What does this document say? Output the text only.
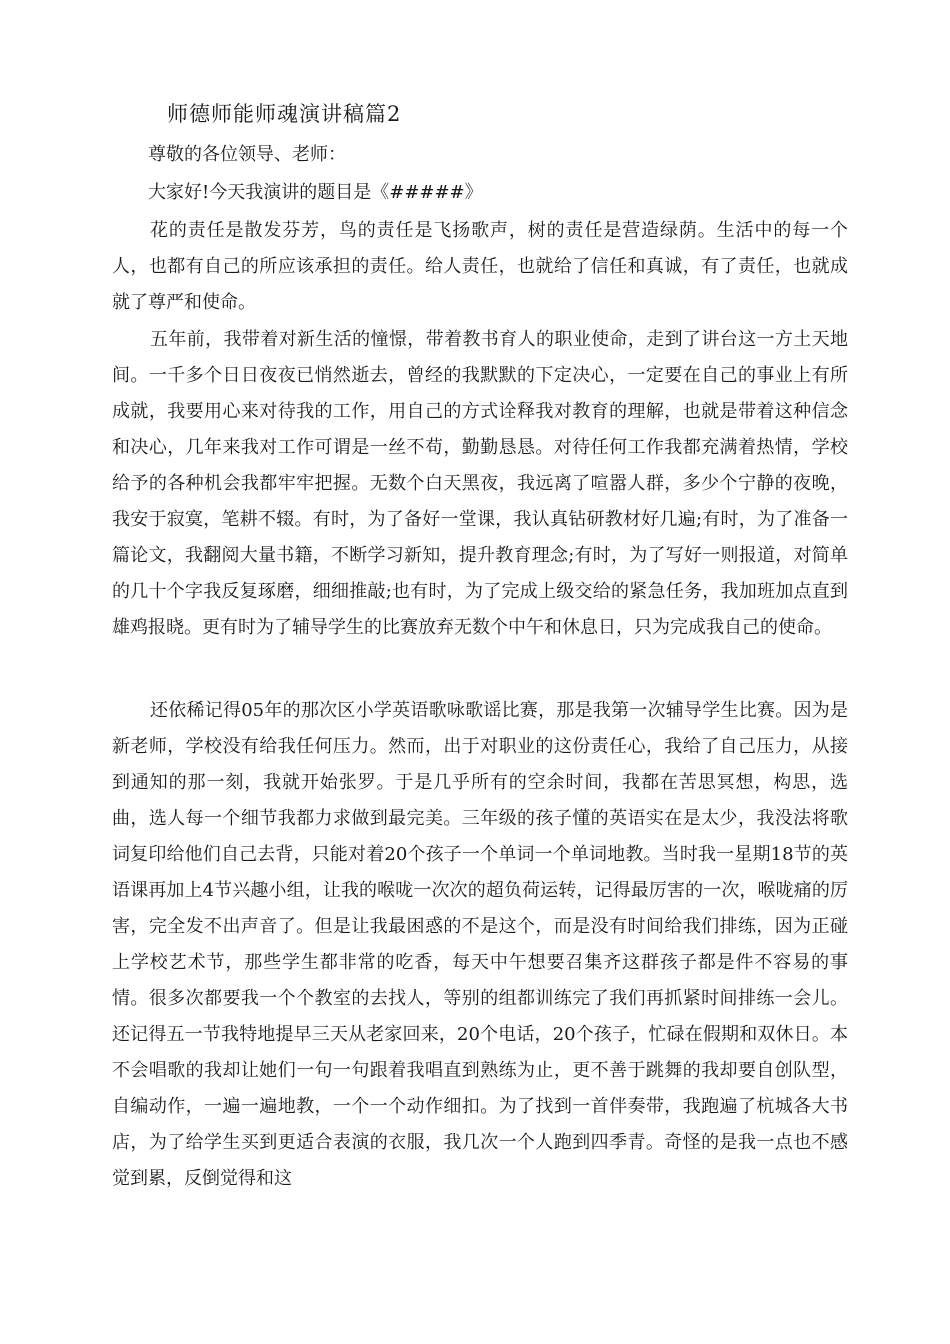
师德师能师魂演讲稿篇2
尊敬的各位领导、老师：
大家好!今天我演讲的题目是《#####》
花的责任是散发芬芳，鸟的责任是飞扬歌声，树的责任是营造绿荫。生活中的每一个人，也都有自己的所应该承担的责任。给人责任，也就给了信任和真诚，有了责任，也就成就了尊严和使命。
五年前，我带着对新生活的憧憬，带着教书育人的职业使命，走到了讲台这一方土天地间。一千多个日日夜夜已悄然逝去，曾经的我默默的下定决心，一定要在自己的事业上有所成就，我要用心来对待我的工作，用自己的方式诠释我对教育的理解，也就是带着这种信念和决心，几年来我对工作可谓是一丝不苟，勤勤恳恳。对待任何工作我都充满着热情，学校给予的各种机会我都牢牢把握。无数个白天黑夜，我远离了喧嚣人群，多少个宁静的夜晚，我安于寂寞，笔耕不辍。有时，为了备好一堂课，我认真钻研教材好几遍;有时，为了准备一篇论文，我翻阅大量书籍，不断学习新知，提升教育理念;有时，为了写好一则报道，对简单的几十个字我反复琢磨，细细推敲;也有时，为了完成上级交给的紧急任务，我加班加点直到雄鸡报晓。更有时为了辅导学生的比赛放弃无数个中午和休息日，只为完成我自己的使命。
还依稀记得05年的那次区小学英语歌咏歌谣比赛，那是我第一次辅导学生比赛。因为是新老师，学校没有给我任何压力。然而，出于对职业的这份责任心，我给了自己压力，从接到通知的那一刻，我就开始张罗。于是几乎所有的空余时间，我都在苦思冥想，构思，选曲，选人每一个细节我都力求做到最完美。三年级的孩子懂的英语实在是太少，我没法将歌词复印给他们自己去背，只能对着20个孩子一个单词一个单词地教。当时我一星期18节的英语课再加上4节兴趣小组，让我的喉咙一次次的超负荷运转，记得最厉害的一次，喉咙痛的厉害，完全发不出声音了。但是让我最困惑的不是这个，而是没有时间给我们排练，因为正碰上学校艺术节，那些学生都非常的吃香，每天中午想要召集齐这群孩子都是件不容易的事情。很多次都要我一个个教室的去找人，等别的组都训练完了我们再抓紧时间排练一会儿。还记得五一节我特地提早三天从老家回来，20个电话，20个孩子，忙碌在假期和双休日。本不会唱歌的我却让她们一句一句跟着我唱直到熟练为止，更不善于跳舞的我却要自创队型，自编动作，一遍一遍地教，一个一个动作细扣。为了找到一首伴奏带，我跑遍了杭城各大书店，为了给学生买到更适合表演的衣服，我几次一个人跑到四季青。奇怪的是我一点也不感觉到累，反倒觉得和这
